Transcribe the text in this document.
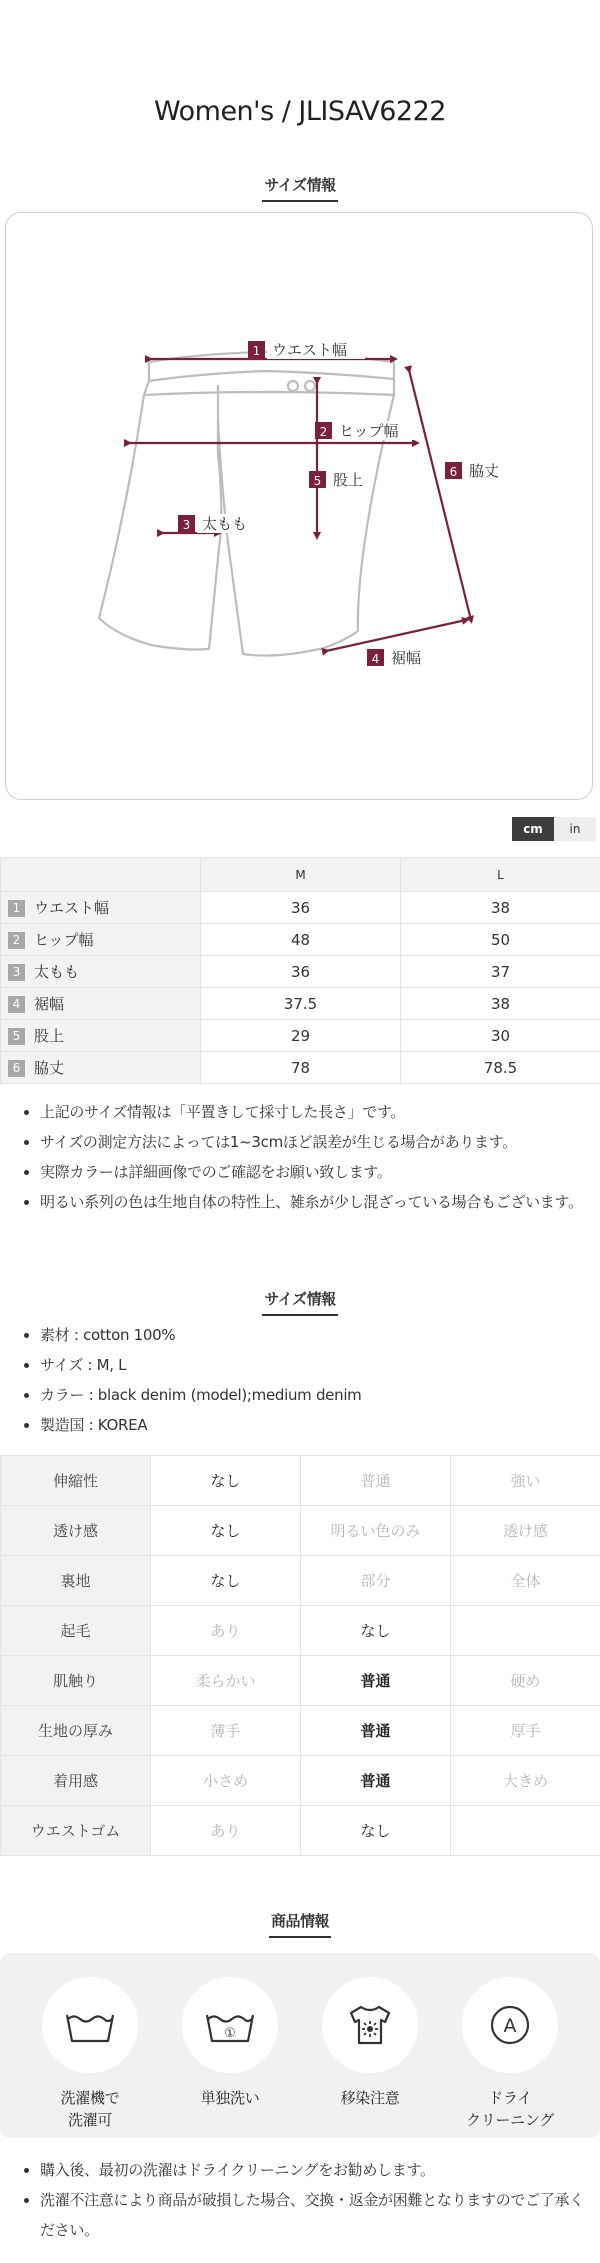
Women's / JLISAV6222
サイズ情報
1 ウエスト幅
2 ヒップ幅
3 太もも
4 裾幅
5 股上	6 脇丈
cm	in
	M	L
1 ウエスト幅	36	38
2 ヒップ幅	48	50
3 太もも	36	37
4 裾幅	37.5	38
5 股上	29	30
6 脇丈	78	78.5
上記のサイズ情報は「平置きして採寸した長さ」です。
サイズの測定方法によっては1~3cmほど誤差が生じる場合があります。
実際カラーは詳細画像でのご確認をお願い致します。
明るい系列の色は生地自体の特性上、雑糸が少し混ざっている場合もございます。
サイズ情報
素材 : cotton 100%
サイズ : M, L
カラー : black denim (model);medium denim
製造国 : KOREA
伸縮性	なし	普通	強い
透け感	なし	明るい色のみ	透け感
裏地	なし	部分	全体
起毛	あり	なし	
肌触り	柔らかい	普通	硬め
生地の厚み	薄手	普通	厚手
着用感	小さめ	普通	大きめ
ウエストゴム	あり	なし	
商品情報
洗濯機で
洗濯可
①
単独洗い	移染注意
A
ドライ
クリーニング
購入後、最初の洗濯はドライクリーニングをお勧めします。
洗濯不注意により商品が破損した場合、交換・返金が困難となりますのでご了承ください。
